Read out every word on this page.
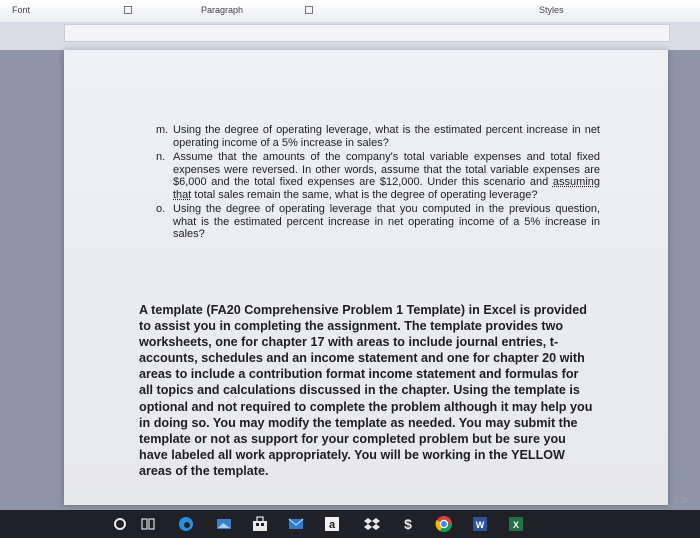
Font	Paragraph	Styles
m. Using the degree of operating leverage, what is the estimated percent increase in net operating income of a 5% increase in sales?
n. Assume that the amounts of the company's total variable expenses and total fixed expenses were reversed. In other words, assume that the total variable expenses are $6,000 and the total fixed expenses are $12,000. Under this scenario and assuming that total sales remain the same, what is the degree of operating leverage?
o. Using the degree of operating leverage that you computed in the previous question, what is the estimated percent increase in net operating income of a 5% increase in sales?
A template (FA20 Comprehensive Problem 1 Template) in Excel is provided to assist you in completing the assignment. The template provides two worksheets, one for chapter 17 with areas to include journal entries, t-accounts, schedules and an income statement and one for chapter 20 with areas to include a contribution format income statement and formulas for all topics and calculations discussed in the chapter. Using the template is optional and not required to complete the problem although it may help you in doing so. You may modify the template as needed. You may submit the template or not as support for your completed problem but be sure you have labeled all work appropriately. You will be working in the YELLOW areas of the template.
▯▫
a	$	W	X
